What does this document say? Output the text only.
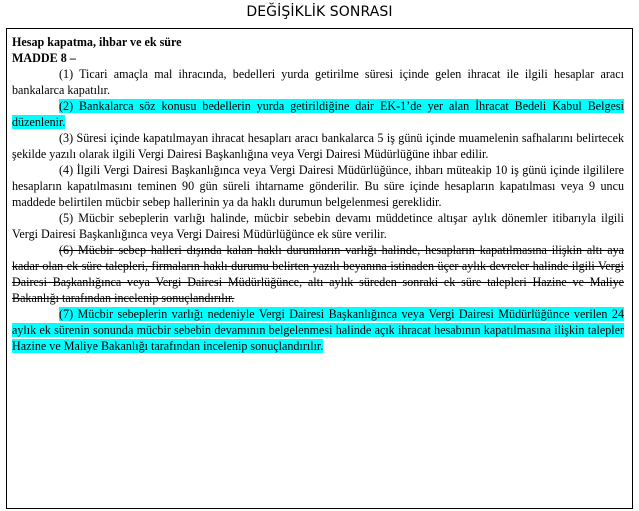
DEĞİŞİKLİK SONRASI

Hesap kapatma, ihbar ve ek süre

MADDE 8 –

(1) Ticari amaçla mal ihracında, bedelleri yurda getirilme süresi içinde gelen ihracat ile ilgili hesaplar aracı bankalarca kapatılır.

(2) Bankalarca söz konusu bedellerin yurda getirildiğine dair EK-1’de yer alan İhracat Bedeli Kabul Belgesi düzenlenir.

(3) Süresi içinde kapatılmayan ihracat hesapları aracı bankalarca 5 iş günü içinde muamelenin safhalarını belirtecek şekilde yazılı olarak ilgili Vergi Dairesi Başkanlığına veya Vergi Dairesi Müdürlüğüne ihbar edilir.

(4) İlgili Vergi Dairesi Başkanlığınca veya Vergi Dairesi Müdürlüğünce, ihbarı müteakip 10 iş günü içinde ilgililere hesapların kapatılmasını teminen 90 gün süreli ihtarname gönderilir. Bu süre içinde hesapların kapatılması veya 9 uncu maddede belirtilen mücbir sebep hallerinin ya da haklı durumun belgelenmesi gereklidir.

(5) Mücbir sebeplerin varlığı halinde, mücbir sebebin devamı müddetince altışar aylık dönemler itibarıyla ilgili Vergi Dairesi Başkanlığınca veya Vergi Dairesi Müdürlüğünce ek süre verilir.

(6) Mücbir sebep halleri dışında kalan haklı durumların varlığı halinde, hesapların kapatılmasına ilişkin altı aya kadar olan ek süre talepleri, firmaların haklı durumu belirten yazılı beyanına istinaden üçer aylık devreler halinde ilgili Vergi Dairesi Başkanlığınca veya Vergi Dairesi Müdürlüğünce, altı aylık süreden sonraki ek süre talepleri Hazine ve Maliye Bakanlığı tarafından incelenip sonuçlandırılır.

(7) Mücbir sebeplerin varlığı nedeniyle Vergi Dairesi Başkanlığınca veya Vergi Dairesi Müdürlüğünce verilen 24 aylık ek sürenin sonunda mücbir sebebin devamının belgelenmesi halinde açık ihracat hesabının kapatılmasına ilişkin talepler Hazine ve Maliye Bakanlığı tarafından incelenip sonuçlandırılır.
